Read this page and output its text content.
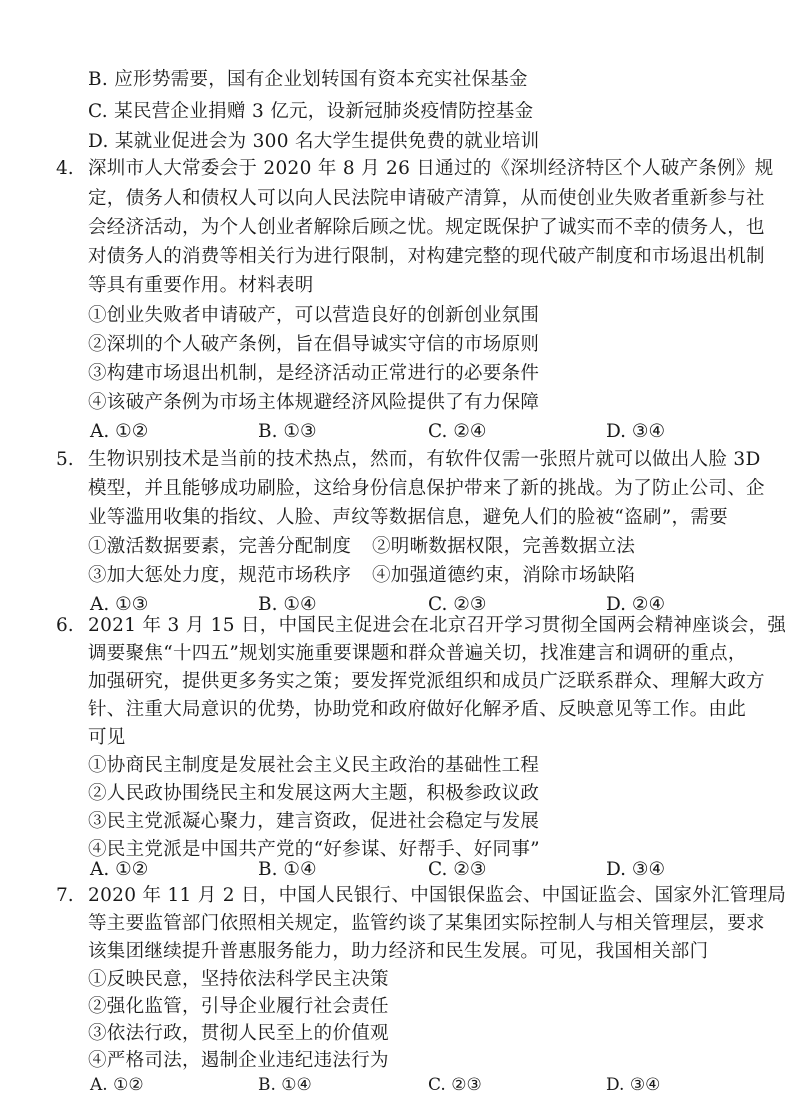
B. 应形势需要，国有企业划转国有资本充实社保基金
C. 某民营企业捐赠 3 亿元，设新冠肺炎疫情防控基金
D. 某就业促进会为 300 名大学生提供免费的就业培训
4. 深圳市人大常委会于 2020 年 8 月 26 日通过的《深圳经济特区个人破产条例》规
定，债务人和债权人可以向人民法院申请破产清算，从而使创业失败者重新参与社
会经济活动，为个人创业者解除后顾之忧。规定既保护了诚实而不幸的债务人，也
对债务人的消费等相关行为进行限制，对构建完整的现代破产制度和市场退出机制
等具有重要作用。材料表明
①创业失败者申请破产，可以营造良好的创新创业氛围
②深圳的个人破产条例，旨在倡导诚实守信的市场原则
③构建市场退出机制，是经济活动正常进行的必要条件
④该破产条例为市场主体规避经济风险提供了有力保障
A. ①②	B. ①③	C. ②④	D. ③④
5. 生物识别技术是当前的技术热点，然而，有软件仅需一张照片就可以做出人脸 3D
模型，并且能够成功刷脸，这给身份信息保护带来了新的挑战。为了防止公司、企
业等滥用收集的指纹、人脸、声纹等数据信息，避免人们的脸被“盗刷”，需要
①激活数据要素，完善分配制度 ②明晰数据权限，完善数据立法
③加大惩处力度，规范市场秩序 ④加强道德约束，消除市场缺陷
A. ①③	B. ①④	C. ②③	D. ②④
6. 2021 年 3 月 15 日，中国民主促进会在北京召开学习贯彻全国两会精神座谈会，强
调要聚焦“十四五”规划实施重要课题和群众普遍关切，找准建言和调研的重点，
加强研究，提供更多务实之策；要发挥党派组织和成员广泛联系群众、理解大政方
针、注重大局意识的优势，协助党和政府做好化解矛盾、反映意见等工作。由此
可见
①协商民主制度是发展社会主义民主政治的基础性工程
②人民政协围绕民主和发展这两大主题，积极参政议政
③民主党派凝心聚力，建言资政，促进社会稳定与发展
④民主党派是中国共产党的“好参谋、好帮手、好同事”
A. ①②	B. ①④	C. ②③	D. ③④
7. 2020 年 11 月 2 日，中国人民银行、中国银保监会、中国证监会、国家外汇管理局
等主要监管部门依照相关规定，监管约谈了某集团实际控制人与相关管理层，要求
该集团继续提升普惠服务能力，助力经济和民生发展。可见，我国相关部门
①反映民意，坚持依法科学民主决策
②强化监管，引导企业履行社会责任
③依法行政，贯彻人民至上的价值观
④严格司法，遏制企业违纪违法行为
A. ①②	B. ①④	C. ②③	D. ③④
